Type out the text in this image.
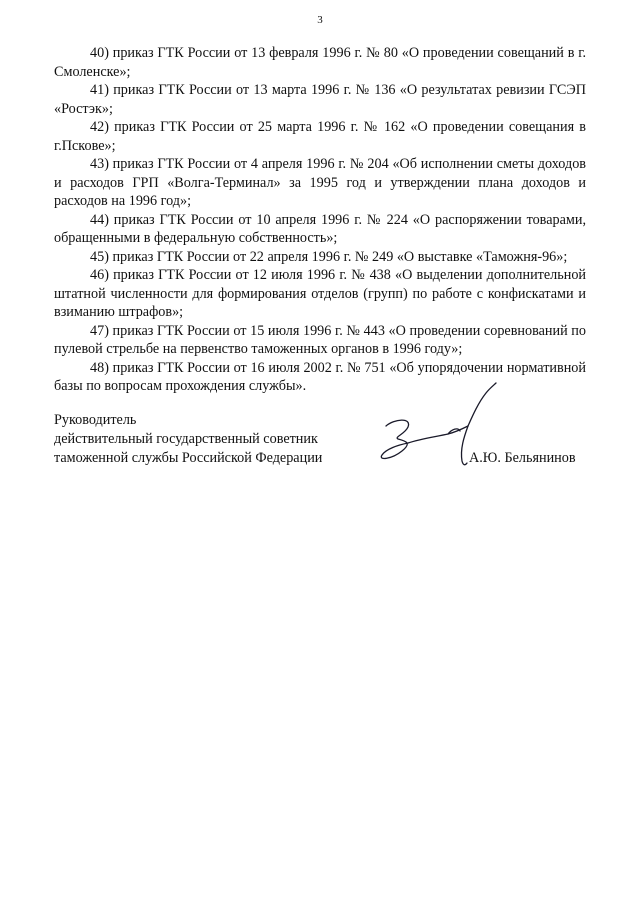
3

40) приказ ГТК России от 13 февраля 1996 г. № 80 «О проведении совещаний в г. Смоленске»;

41) приказ ГТК России от 13 марта 1996 г. № 136 «О результатах ревизии ГСЭП «Ростэк»;

42) приказ ГТК России от 25 марта 1996 г. № 162 «О проведении совещания в г.Пскове»;

43) приказ ГТК России от 4 апреля 1996 г. № 204 «Об исполнении сметы доходов и расходов ГРП «Волга-Терминал» за 1995 год и утверждении плана доходов и расходов на 1996 год»;

44) приказ ГТК России от 10 апреля 1996 г. № 224 «О распоряжении товарами, обращенными в федеральную собственность»;

45) приказ ГТК России от 22 апреля 1996 г. № 249 «О выставке «Таможня-96»;

46) приказ ГТК России от 12 июля 1996 г. № 438 «О выделении дополнительной штатной численности для формирования отделов (групп) по работе с конфискатами и взиманию штрафов»;

47) приказ ГТК России от 15 июля 1996 г. № 443 «О проведении соревнований по пулевой стрельбе на первенство таможенных органов в 1996 году»;

48) приказ ГТК России от 16 июля 2002 г. № 751 «Об упорядочении нормативной базы по вопросам прохождения службы».

Руководитель
действительный государственный советник
таможенной службы Российской Федерации	А.Ю. Бельянинов
